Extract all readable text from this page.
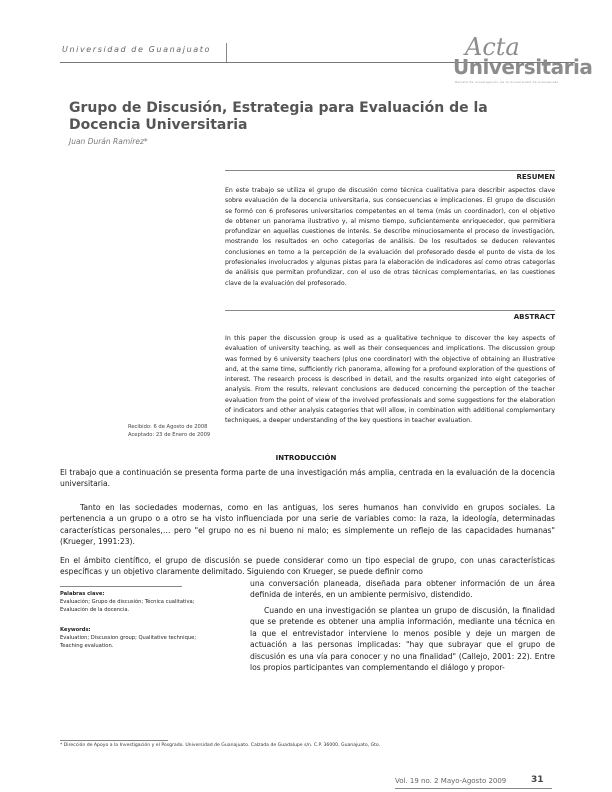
Universidad de Guanajuato	Acta
Universitaria
Revista de investigación de la Universidad de Guanajuato
Grupo de Discusión, Estrategia para Evaluación de la Docencia Universitaria
Juan Durán Ramírez*
RESUMEN
En este trabajo se utiliza el grupo de discusión como técnica cualitativa para describir aspectos clave sobre evaluación de la docencia universitaria, sus consecuencias e implicaciones. El grupo de discusión se formó con 6 profesores universitarios competentes en el tema (más un coordinador), con el objetivo de obtener un panorama ilustrativo y, al mismo tiempo, suficientemente enriquecedor, que permitiera profundizar en aquellas cuestiones de interés. Se describe minuciosamente el proceso de investigación, mostrando los resultados en ocho categorías de análisis. De los resultados se deducen relevantes conclusiones en torno a la percepción de la evaluación del profesorado desde el punto de vista de los profesionales involucrados y algunas pistas para la elaboración de indicadores así como otras categorías de análisis que permitan profundizar, con el uso de otras técnicas complementarias, en las cuestiones clave de la evaluación del profesorado.
ABSTRACT
In this paper the discussion group is used as a qualitative technique to discover the key aspects of evaluation of university teaching, as well as their consequences and implications. The discussion group was formed by 6 university teachers (plus one coordinator) with the objective of obtaining an illustrative and, at the same time, sufficiently rich panorama, allowing for a profound exploration of the questions of interest. The research process is described in detail, and the results organized into eight categories of analysis. From the results, relevant conclusions are deduced concerning the perception of the teacher evaluation from the point of view of the involved professionals and some suggestions for the elaboration of indicators and other analysis categories that will allow, in combination with additional complementary techniques, a deeper understanding of the key questions in teacher evaluation.
Recibido: 6 de Agosto de 2008
Aceptado: 23 de Enero de 2009
INTRODUCCIÓN
El trabajo que a continuación se presenta forma parte de una investigación más amplia, centrada en la evaluación de la docencia universitaria.
Tanto en las sociedades modernas, como en las antiguas, los seres humanos han convivido en grupos sociales. La pertenencia a un grupo o a otro se ha visto influenciada por una serie de variables como: la raza, la ideología, determinadas características personales,… pero "el grupo no es ni bueno ni malo; es simplemente un reflejo de las capacidades humanas" (Krueger, 1991:23).
En el ámbito científico, el grupo de discusión se puede considerar como un tipo especial de grupo, con unas características específicas y un objetivo claramente delimitado. Siguiendo con Krueger, se puede definir como
una conversación planeada, diseñada para obtener información de un área definida de interés, en un ambiente permisivo, distendido.
Cuando en una investigación se plantea un grupo de discusión, la finalidad que se pretende es obtener una amplia información, mediante una técnica en la que el entrevistador interviene lo menos posible y deje un margen de actuación a las personas implicadas: "hay que subrayar que el grupo de discusión es una vía para conocer y no una finalidad" (Callejo, 2001: 22). Entre los propios participantes van complementando el diálogo y propor-
Palabras clave:
Evaluación; Grupo de discusión; Técnica cualitativa; Evaluación de la docencia.
Keywords:
Evaluation; Discussion group; Qualitative technique; Teaching evaluation.
* Dirección de Apoyo a la Investigación y el Posgrado. Universidad de Guanajuato. Calzada de Guadalupe s/n. C.P. 36000. Guanajuato, Gto.
Vol. 19 no. 2 Mayo-Agosto 2009	31
